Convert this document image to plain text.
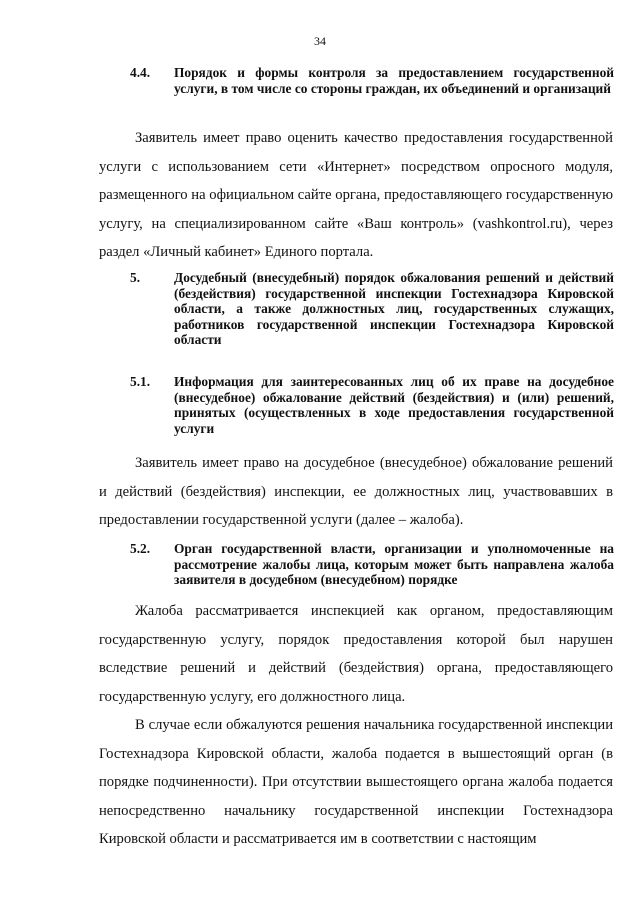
34
4.4. Порядок и формы контроля за предоставлением государственной услуги, в том числе со стороны граждан, их объединений и организаций

Заявитель имеет право оценить качество предоставления государственной услуги с использованием сети «Интернет» посредством опросного модуля, размещенного на официальном сайте органа, предоставляющего государственную услугу, на специализированном сайте «Ваш контроль» (vashkontrol.ru), через раздел «Личный кабинет» Единого портала.

5.	Досудебный (внесудебный) порядок обжалования решений и действий (бездействия) государственной инспекции Гостехнадзора Кировской области, а также должностных лиц, государственных служащих, работников государственной инспекции Гостехнадзора Кировской области
5.1. Информация для заинтересованных лиц об их праве на досудебное (внесудебное) обжалование действий (бездействия) и (или) решений, принятых (осуществленных в ходе предоставления государственной услуги

Заявитель имеет право на досудебное (внесудебное) обжалование решений и действий (бездействия) инспекции, ее должностных лиц, участвовавших в предоставлении государственной услуги (далее – жалоба).

5.2. Орган государственной власти, организации и уполномоченные на рассмотрение жалобы лица, которым может быть направлена жалоба заявителя в досудебном (внесудебном) порядке

Жалоба рассматривается инспекцией как органом, предоставляющим государственную услугу, порядок предоставления которой был нарушен вследствие решений и действий (бездействия) органа, предоставляющего государственную услугу, его должностного лица.

В случае если обжалуются решения начальника государственной инспекции Гостехнадзора Кировской области, жалоба подается в вышестоящий орган (в порядке подчиненности). При отсутствии вышестоящего органа жалоба подается непосредственно начальнику государственной инспекции Гостехнадзора Кировской области и рассматривается им в соответствии с настоящим
